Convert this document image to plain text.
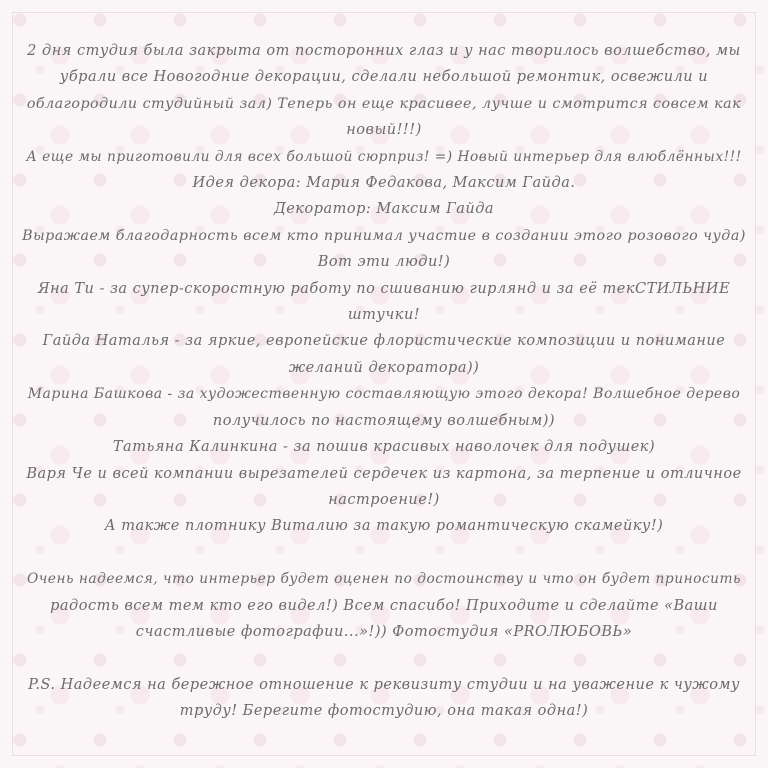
2 дня студия была закрыта от посторонних глаз и у нас творилось волшебство, мы
убрали все Новогодние декорации, сделали небольшой ремонтик, освежили и
облагородили студийный зал) Теперь он еще красивее, лучше и смотрится совсем как
новый!!!)
А еще мы приготовили для всех большой сюрприз! =) Новый интерьер для влюблённых!!!
Идея декора: Мария Федакова, Максим Гайда.
Декоратор: Максим Гайда
Выражаем благодарность всем кто принимал участие в создании этого розового чуда)
Вот эти люди!)
Яна Ти - за супер-скоростную работу по сшиванию гирлянд и за её текСТИЛЬНИЕ
штучки!
Гайда Наталья - за яркие, европейские флористические композиции и понимание
желаний декоратора))
Марина Башкова - за художественную составляющую этого декора! Волшебное дерево
получилось по настоящему волшебным))
Татьяна Калинкина - за пошив красивых наволочек для подушек)
Варя Че и всей компании вырезателей сердечек из картона, за терпение и отличное
настроение!)
А также плотнику Виталию за такую романтическую скамейку!)
Очень надеемся, что интерьер будет оценен по достоинству и что он будет приносить
радость всем тем кто его видел!) Всем спасибо! Приходите и сделайте «Ваши
счастливые фотографии...»!)) Фотостудия «PROЛЮБОВЬ»
P.S. Надеемся на бережное отношение к реквизиту студии и на уважение к чужому
труду! Берегите фотостудию, она такая одна!)
